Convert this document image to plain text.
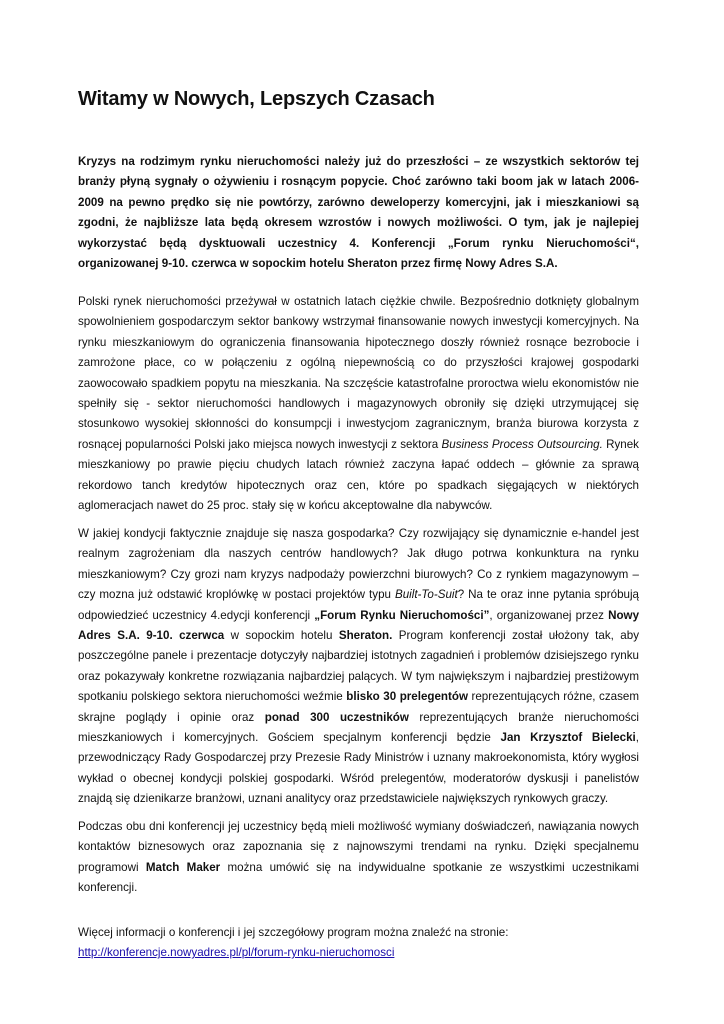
Witamy w Nowych, Lepszych Czasach

Kryzys na rodzimym rynku nieruchomości należy już do przeszłości – ze wszystkich sektorów tej branży płyną sygnały o ożywieniu i rosnącym popycie. Choć zarówno taki boom jak w latach 2006-2009 na pewno prędko się nie powtórzy, zarówno deweloperzy komercyjni, jak i mieszkaniowi są zgodni, że najbliższe lata będą okresem wzrostów i nowych możliwości. O tym, jak je najlepiej wykorzystać będą dysktuowali uczestnicy 4. Konferencji „Forum rynku Nieruchomości“, organizowanej 9-10. czerwca w sopockim hotelu Sheraton przez firmę Nowy Adres S.A.

Polski rynek nieruchomości przeżywał w ostatnich latach ciężkie chwile. Bezpośrednio dotknięty globalnym spowolnieniem gospodarczym sektor bankowy wstrzymał finansowanie nowych inwestycji komercyjnych. Na rynku mieszkaniowym do ograniczenia finansowania hipotecznego doszły również rosnące bezrobocie i zamrożone płace, co w połączeniu z ogólną niepewnością co do przyszłości krajowej gospodarki zaowocowało spadkiem popytu na mieszkania. Na szczęście katastrofalne proroctwa wielu ekonomistów nie spełniły się - sektor nieruchomości handlowych i magazynowych obroniły się dzięki utrzymującej się stosunkowo wysokiej skłonności do konsumpcji i inwestycjom zagranicznym, branża biurowa korzysta z rosnącej popularności Polski jako miejsca nowych inwestycji z sektora Business Process Outsourcing. Rynek mieszkaniowy po prawie pięciu chudych latach również zaczyna łapać oddech – głównie za sprawą rekordowo tanch kredytów hipotecznych oraz cen, które po spadkach sięgających w niektórych aglomeracjach nawet do 25 proc. stały się w końcu akceptowalne dla nabywców.

W jakiej kondycji faktycznie znajduje się nasza gospodarka? Czy rozwijający się dynamicznie e-handel jest realnym zagrożeniam dla naszych centrów handlowych? Jak długo potrwa konkunktura na rynku mieszkaniowym? Czy grozi nam kryzys nadpodaży powierzchni biurowych? Co z rynkiem magazynowym – czy mozna już odstawić kroplówkę w postaci projektów typu Built-To-Suit? Na te oraz inne pytania spróbują odpowiedzieć uczestnicy 4.edycji konferencji „Forum Rynku Nieruchomości”, organizowanej przez Nowy Adres S.A. 9-10. czerwca w sopockim hotelu Sheraton. Program konferencji został ułożony tak, aby poszczególne panele i prezentacje dotyczyły najbardziej istotnych zagadnień i problemów dzisiejszego rynku oraz pokazywały konkretne rozwiązania najbardziej palących. W tym największym i najbardziej prestiżowym spotkaniu polskiego sektora nieruchomości weźmie blisko 30 prelegentów reprezentujących różne, czasem skrajne poglądy i opinie oraz ponad 300 uczestników reprezentujących branże nieruchomości mieszkaniowych i komercyjnych. Gościem specjalnym konferencji będzie Jan Krzysztof Bielecki, przewodniczący Rady Gospodarczej przy Prezesie Rady Ministrów i uznany makroekonomista, który wygłosi wykład o obecnej kondycji polskiej gospodarki. Wśród prelegentów, moderatorów dyskusji i panelistów znajdą się dzienikarze branżowi, uznani analitycy oraz przedstawiciele największych rynkowych graczy.

Podczas obu dni konferencji jej uczestnicy będą mieli możliwość wymiany doświadczeń, nawiązania nowych kontaktów biznesowych oraz zapoznania się z najnowszymi trendami na rynku. Dzięki specjalnemu programowi Match Maker można umówić się na indywidualne spotkanie ze wszystkimi uczestnikami konferencji.

Więcej informacji o konferencji i jej szczegółowy program można znaleźć na stronie:
http://konferencje.nowyadres.pl/pl/forum-rynku-nieruchomosci
